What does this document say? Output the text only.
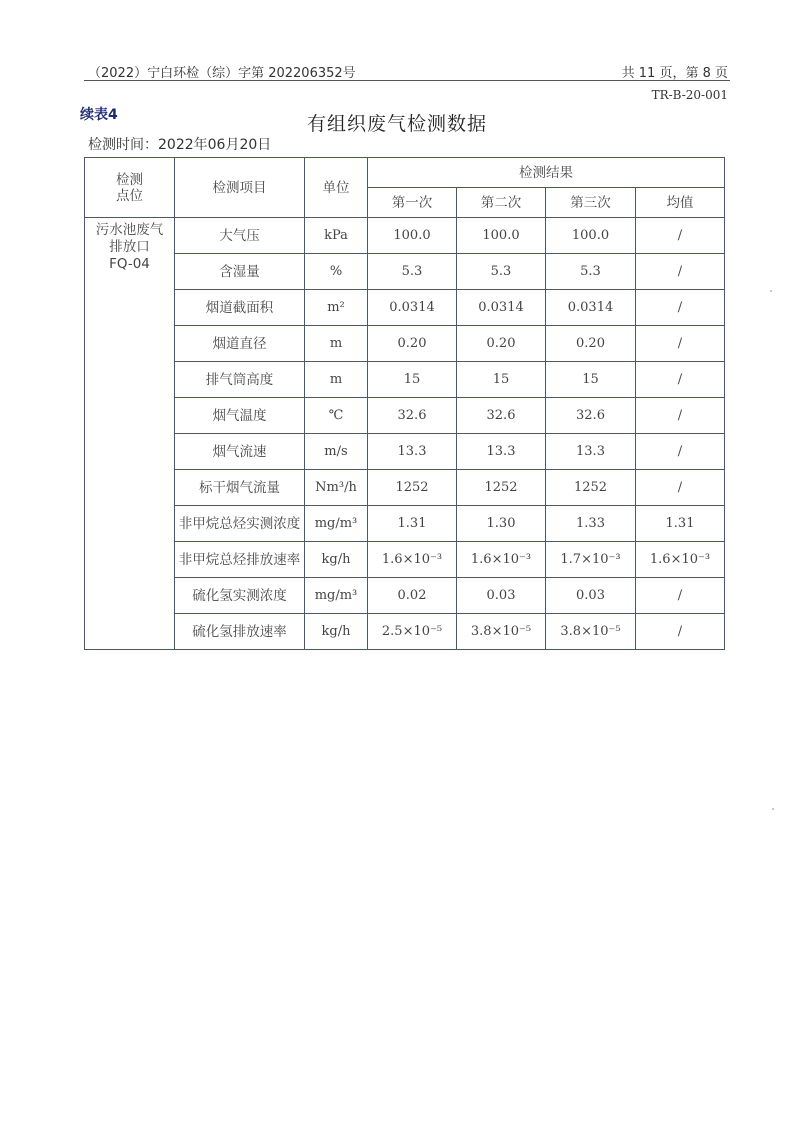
（2022）宁白环检（综）字第 202206352号	共 11 页，第 8 页
TR-B-20-001
续表4	有组织废气检测数据
检测时间：2022年06月20日
检测
点位	检测项目	单位	检测结果			
			第一次	第二次	第三次	均值
污水池废气
排放口
FQ-04	大气压	kPa	100.0	100.0	100.0	/
	含湿量	%	5.3	5.3	5.3	/
	烟道截面积	m²	0.0314	0.0314	0.0314	/
	烟道直径	m	0.20	0.20	0.20	/
	排气筒高度	m	15	15	15	/
	烟气温度	℃	32.6	32.6	32.6	/
	烟气流速	m/s	13.3	13.3	13.3	/
	标干烟气流量	Nm³/h	1252	1252	1252	/
	非甲烷总烃实测浓度	mg/m³	1.31	1.30	1.33	1.31
	非甲烷总烃排放速率	kg/h	1.6×10⁻³	1.6×10⁻³	1.7×10⁻³	1.6×10⁻³
	硫化氢实测浓度	mg/m³	0.02	0.03	0.03	/
	硫化氢排放速率	kg/h	2.5×10⁻⁵	3.8×10⁻⁵	3.8×10⁻⁵	/
